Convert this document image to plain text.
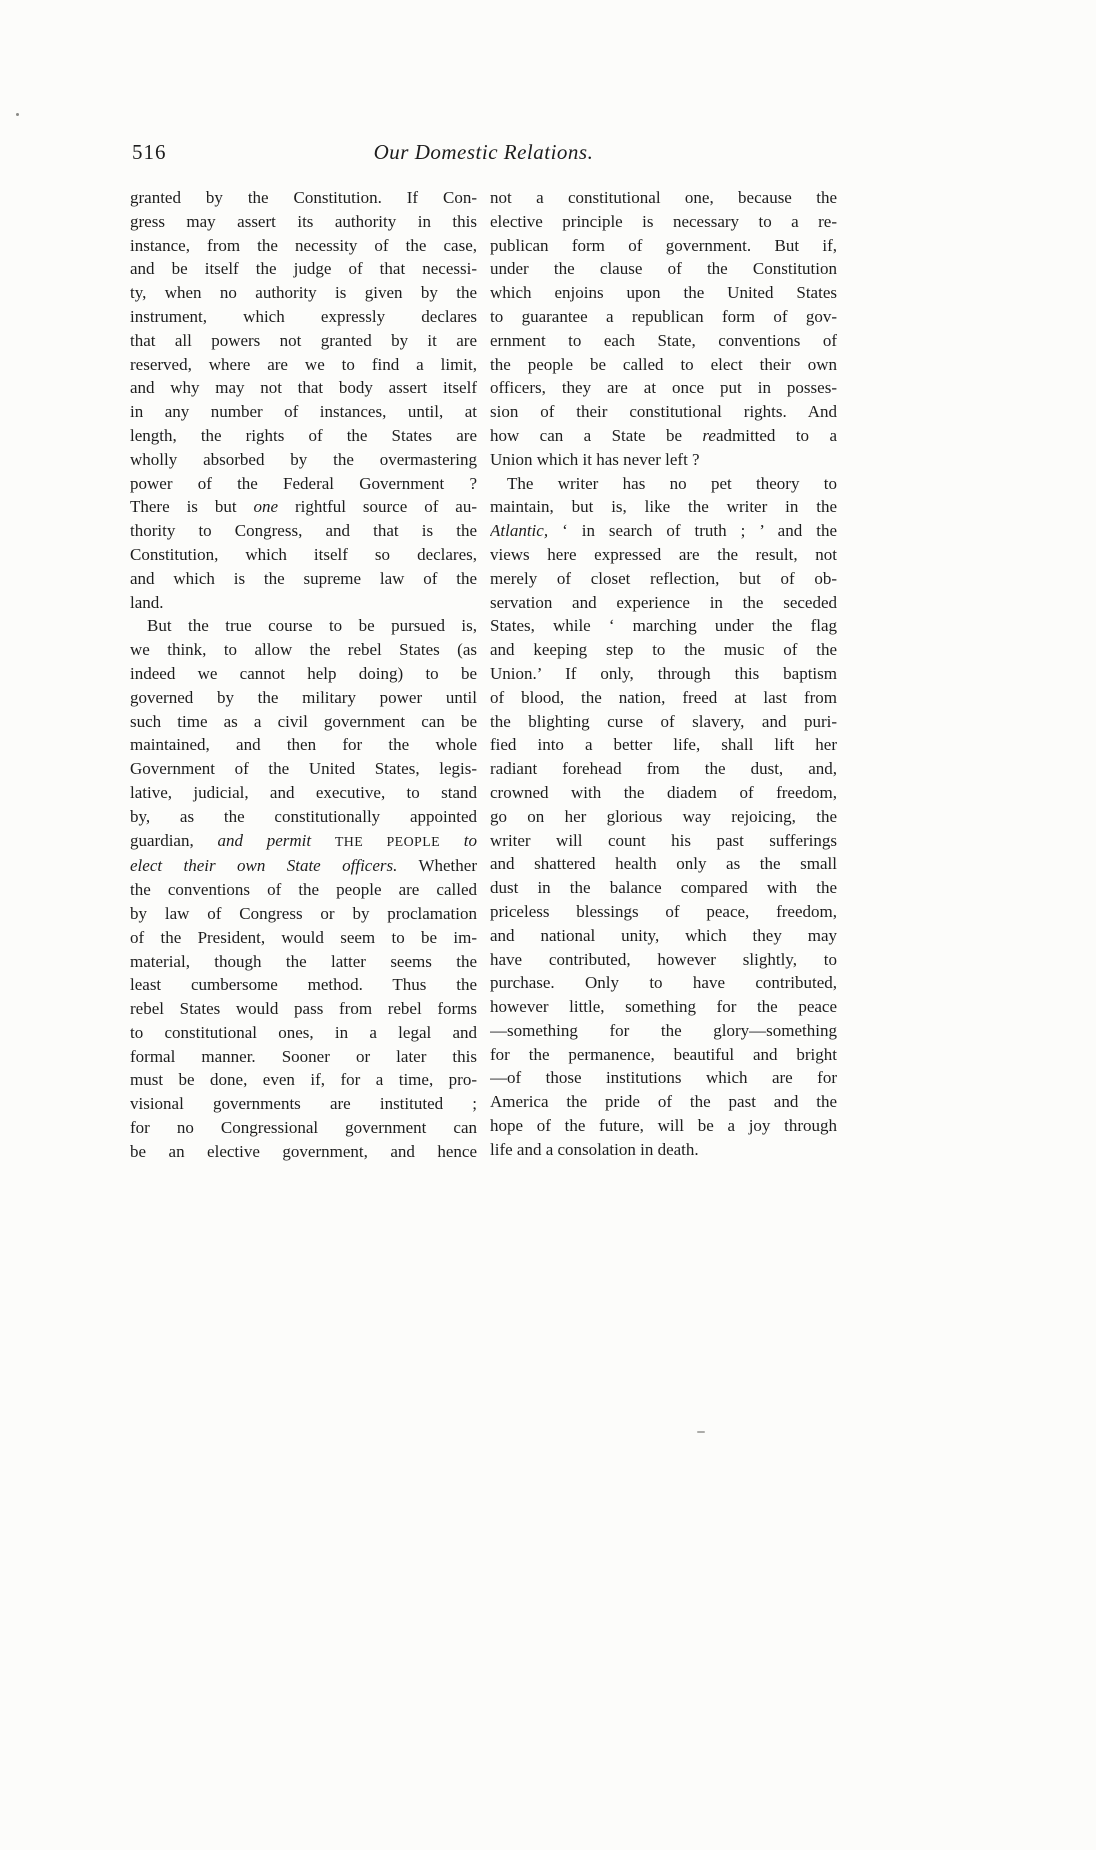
516	Our Domestic Relations.
granted by the Constitution. If Con-
gress may assert its authority in this
instance, from the necessity of the case,
and be itself the judge of that necessi-
ty, when no authority is given by the
instrument, which expressly declares
that all powers not granted by it are
reserved, where are we to find a limit,
and why may not that body assert itself
in any number of instances, until, at
length, the rights of the States are
wholly absorbed by the overmastering
power of the Federal Government ?
There is but one rightful source of au-
thority to Congress, and that is the
Constitution, which itself so declares,
and which is the supreme law of the
land.
But the true course to be pursued is,
we think, to allow the rebel States (as
indeed we cannot help doing) to be
governed by the military power until
such time as a civil government can be
maintained, and then for the whole
Government of the United States, legis-
lative, judicial, and executive, to stand
by, as the constitutionally appointed
guardian, and permit THE PEOPLE to
elect their own State officers. Whether
the conventions of the people are called
by law of Congress or by proclamation
of the President, would seem to be im-
material, though the latter seems the
least cumbersome method. Thus the
rebel States would pass from rebel forms
to constitutional ones, in a legal and
formal manner. Sooner or later this
must be done, even if, for a time, pro-
visional governments are instituted ;
for no Congressional government can
be an elective government, and hence
not a constitutional one, because the
elective principle is necessary to a re-
publican form of government. But if,
under the clause of the Constitution
which enjoins upon the United States
to guarantee a republican form of gov-
ernment to each State, conventions of
the people be called to elect their own
officers, they are at once put in posses-
sion of their constitutional rights. And
how can a State be readmitted to a
Union which it has never left ?
The writer has no pet theory to
maintain, but is, like the writer in the
Atlantic, ‘ in search of truth ; ’ and the
views here expressed are the result, not
merely of closet reflection, but of ob-
servation and experience in the seceded
States, while ‘ marching under the flag
and keeping step to the music of the
Union.’ If only, through this baptism
of blood, the nation, freed at last from
the blighting curse of slavery, and puri-
fied into a better life, shall lift her
radiant forehead from the dust, and,
crowned with the diadem of freedom,
go on her glorious way rejoicing, the
writer will count his past sufferings
and shattered health only as the small
dust in the balance compared with the
priceless blessings of peace, freedom,
and national unity, which they may
have contributed, however slightly, to
purchase. Only to have contributed,
however little, something for the peace
—something for the glory—something
for the permanence, beautiful and bright
—of those institutions which are for
America the pride of the past and the
hope of the future, will be a joy through
life and a consolation in death.
